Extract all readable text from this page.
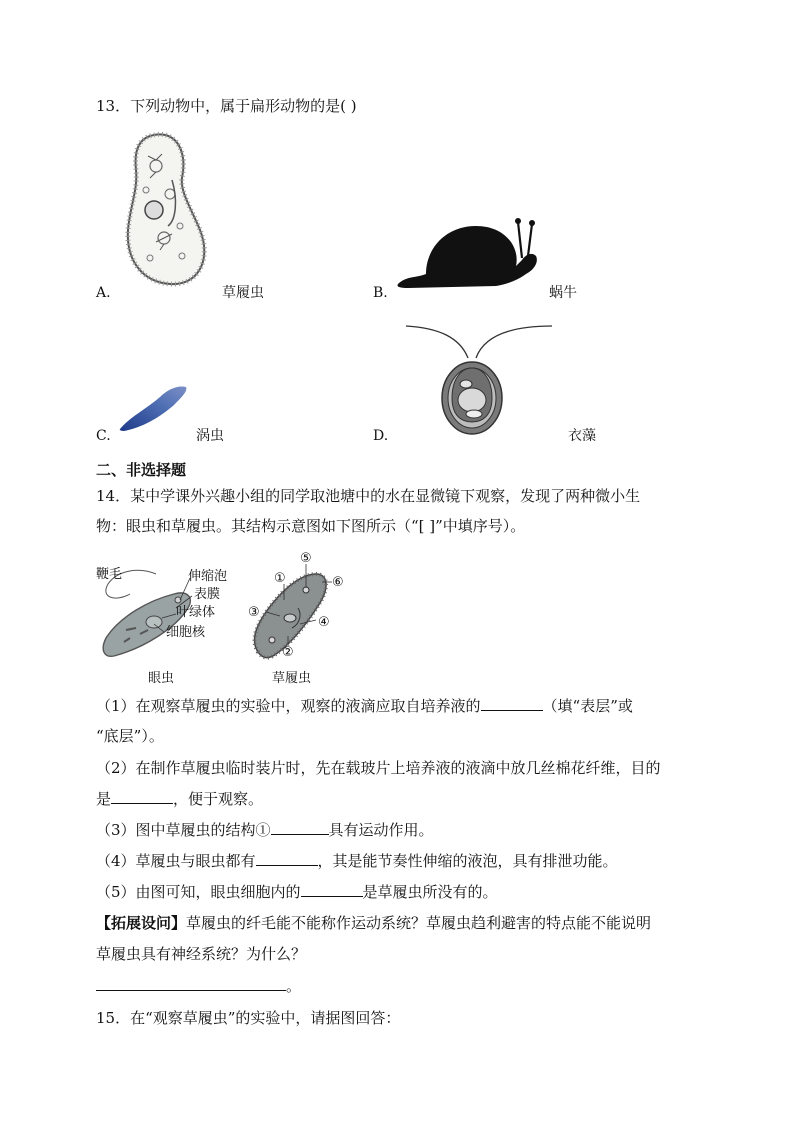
13．下列动物中，属于扁形动物的是( )
A.	草履虫	B.	蜗牛
C.	涡虫	D.	衣藻
二、非选择题
14．某中学课外兴趣小组的同学取池塘中的水在显微镜下观察，发现了两种微小生
物：眼虫和草履虫。其结构示意图如下图所示（“[ ]”中填序号）。
鞭毛	伸缩泡
表膜
叶绿体
细胞核
眼虫
⑤
①	⑥
③
④
②
草履虫
（1）在观察草履虫的实验中，观察的液滴应取自培养液的	（填“表层”或
“底层”）。
（2）在制作草履虫临时装片时，先在载玻片上培养液的液滴中放几丝棉花纤维，目的
是	，便于观察。
（3）图中草履虫的结构①	具有运动作用。
（4）草履虫与眼虫都有	，其是能节奏性伸缩的液泡，具有排泄功能。
（5）由图可知，眼虫细胞内的	是草履虫所没有的。
【拓展设问】草履虫的纤毛能不能称作运动系统？草履虫趋利避害的特点能不能说明
草履虫具有神经系统？为什么？
。
15．在“观察草履虫”的实验中，请据图回答：
